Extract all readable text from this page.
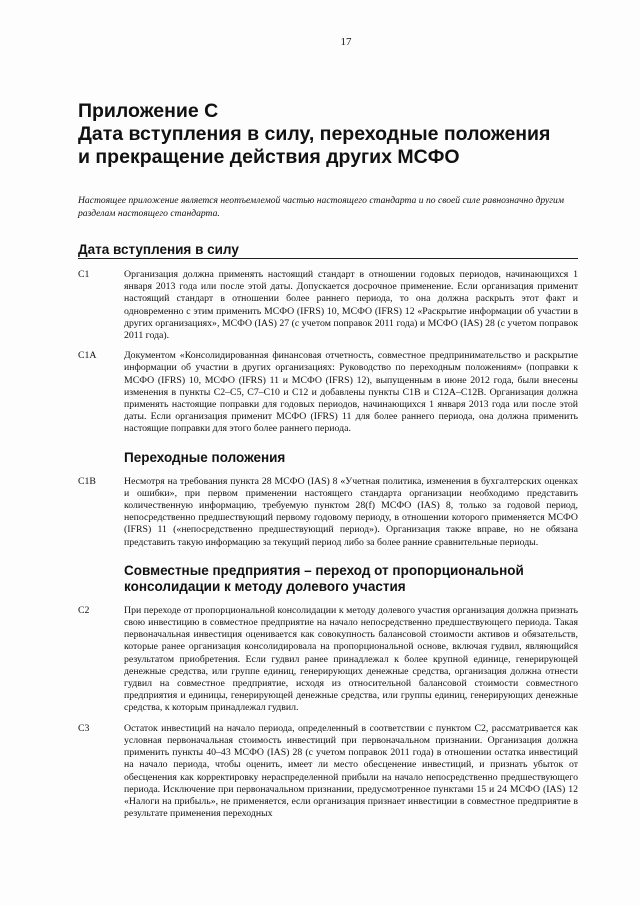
17
Приложение С
Дата вступления в силу, переходные положения
и прекращение действия других МСФО
Настоящее приложение является неотъемлемой частью настоящего стандарта и по своей силе равнозначно другим разделам настоящего стандарта.
Дата вступления в силу
C1	Организация должна применять настоящий стандарт в отношении годовых периодов, начинающихся 1 января 2013 года или после этой даты. Допускается досрочное применение. Если организация применит настоящий стандарт в отношении более раннего периода, то она должна раскрыть этот факт и одновременно с этим применить МСФО (IFRS) 10, МСФО (IFRS) 12 «Раскрытие информации об участии в других организациях», МСФО (IAS) 27 (с учетом поправок 2011 года) и МСФО (IAS) 28 (с учетом поправок 2011 года).
C1A	Документом «Консолидированная финансовая отчетность, совместное предпринимательство и раскрытие информации об участии в других организациях: Руководство по переходным положениям» (поправки к МСФО (IFRS) 10, МСФО (IFRS) 11 и МСФО (IFRS) 12), выпущенным в июне 2012 года, были внесены изменения в пункты C2–C5, C7–C10 и C12 и добавлены пункты C1B и C12A–C12B. Организация должна применять настоящие поправки для годовых периодов, начинающихся 1 января 2013 года или после этой даты. Если организация применит МСФО (IFRS) 11 для более раннего периода, она должна применить настоящие поправки для этого более раннего периода.
Переходные положения
C1B	Несмотря на требования пункта 28 МСФО (IAS) 8 «Учетная политика, изменения в бухгалтерских оценках и ошибки», при первом применении настоящего стандарта организации необходимо представить количественную информацию, требуемую пунктом 28(f) МСФО (IAS) 8, только за годовой период, непосредственно предшествующий первому годовому периоду, в отношении которого применяется МСФО (IFRS) 11 («непосредственно предшествующий период»). Организация также вправе, но не обязана представить такую информацию за текущий период либо за более ранние сравнительные периоды.
Совместные предприятия – переход от пропорциональной
консолидации к методу долевого участия
C2	При переходе от пропорциональной консолидации к методу долевого участия организация должна признать свою инвестицию в совместное предприятие на начало непосредственно предшествующего периода. Такая первоначальная инвестиция оценивается как совокупность балансовой стоимости активов и обязательств, которые ранее организация консолидировала на пропорциональной основе, включая гудвил, являющийся результатом приобретения. Если гудвил ранее принадлежал к более крупной единице, генерирующей денежные средства, или группе единиц, генерирующих денежные средства, организация должна отнести гудвил на совместное предприятие, исходя из относительной балансовой стоимости совместного предприятия и единицы, генерирующей денежные средства, или группы единиц, генерирующих денежные средства, к которым принадлежал гудвил.
C3	Остаток инвестиций на начало периода, определенный в соответствии с пунктом C2, рассматривается как условная первоначальная стоимость инвестиций при первоначальном признании. Организация должна применить пункты 40–43 МСФО (IAS) 28 (с учетом поправок 2011 года) в отношении остатка инвестиций на начало периода, чтобы оценить, имеет ли место обесценение инвестиций, и признать убыток от обесценения как корректировку нераспределенной прибыли на начало непосредственно предшествующего периода. Исключение при первоначальном признании, предусмотренное пунктами 15 и 24 МСФО (IAS) 12 «Налоги на прибыль», не применяется, если организация признает инвестиции в совместное предприятие в результате применения переходных
